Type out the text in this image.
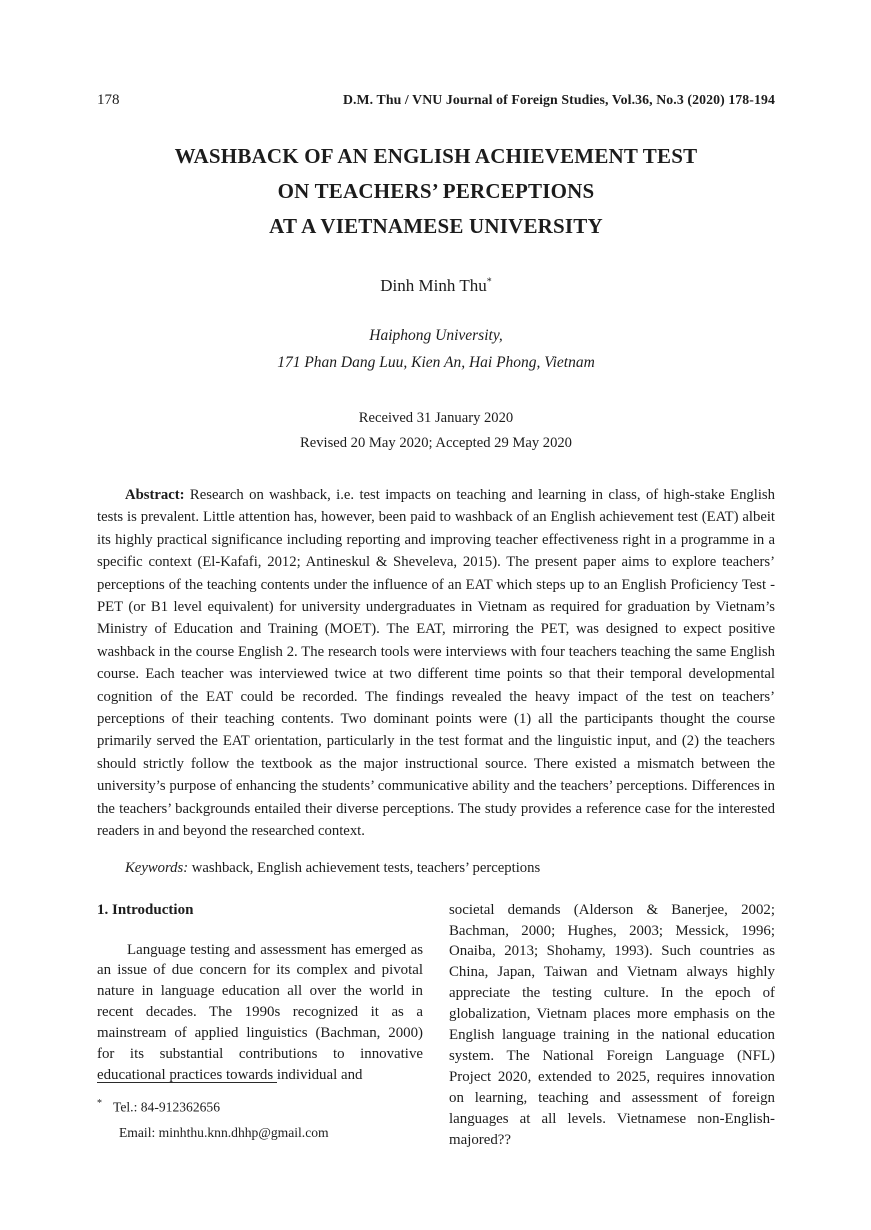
178	D.M. Thu / VNU Journal of Foreign Studies, Vol.36, No.3 (2020) 178-194
WASHBACK OF AN ENGLISH ACHIEVEMENT TEST
ON TEACHERS’ PERCEPTIONS
AT A VIETNAMESE UNIVERSITY
Dinh Minh Thu*
Haiphong University,
171 Phan Dang Luu, Kien An, Hai Phong, Vietnam
Received 31 January 2020
Revised 20 May 2020; Accepted 29 May 2020

Abstract: Research on washback, i.e. test impacts on teaching and learning in class, of high-stake English tests is prevalent. Little attention has, however, been paid to washback of an English achievement test (EAT) albeit its highly practical significance including reporting and improving teacher effectiveness right in a programme in a specific context (El-Kafafi, 2012; Antineskul & Sheveleva, 2015). The present paper aims to explore teachers’ perceptions of the teaching contents under the influence of an EAT which steps up to an English Proficiency Test - PET (or B1 level equivalent) for university undergraduates in Vietnam as required for graduation by Vietnam’s Ministry of Education and Training (MOET). The EAT, mirroring the PET, was designed to expect positive washback in the course English 2. The research tools were interviews with four teachers teaching the same English course. Each teacher was interviewed twice at two different time points so that their temporal developmental cognition of the EAT could be recorded. The findings revealed the heavy impact of the test on teachers’ perceptions of their teaching contents. Two dominant points were (1) all the participants thought the course primarily served the EAT orientation, particularly in the test format and the linguistic input, and (2) the teachers should strictly follow the textbook as the major instructional source. There existed a mismatch between the university’s purpose of enhancing the students’ communicative ability and the teachers’ perceptions. Differences in the teachers’ backgrounds entailed their diverse perceptions. The study provides a reference case for the interested readers in and beyond the researched context.

Keywords: washback, English achievement tests, teachers’ perceptions

1. Introduction

Language testing and assessment has emerged as an issue of due concern for its complex and pivotal nature in language education all over the world in recent decades. The 1990s recognized it as a mainstream of applied linguistics (Bachman, 2000) for its substantial contributions to innovative educational practices towards individual and

societal demands (Alderson & Banerjee, 2002; Bachman, 2000; Hughes, 2003; Messick, 1996; Onaiba, 2013; Shohamy, 1993). Such countries as China, Japan, Taiwan and Vietnam always highly appreciate the testing culture. In the epoch of globalization, Vietnam places more emphasis on the English language training in the national education system. The National Foreign Language (NFL) Project 2020, extended to 2025, requires innovation on learning, teaching and assessment of foreign languages at all levels. Vietnamese non-English-majored??

* Tel.: 84-912362656
Email: minhthu.knn.dhhp@gmail.com
